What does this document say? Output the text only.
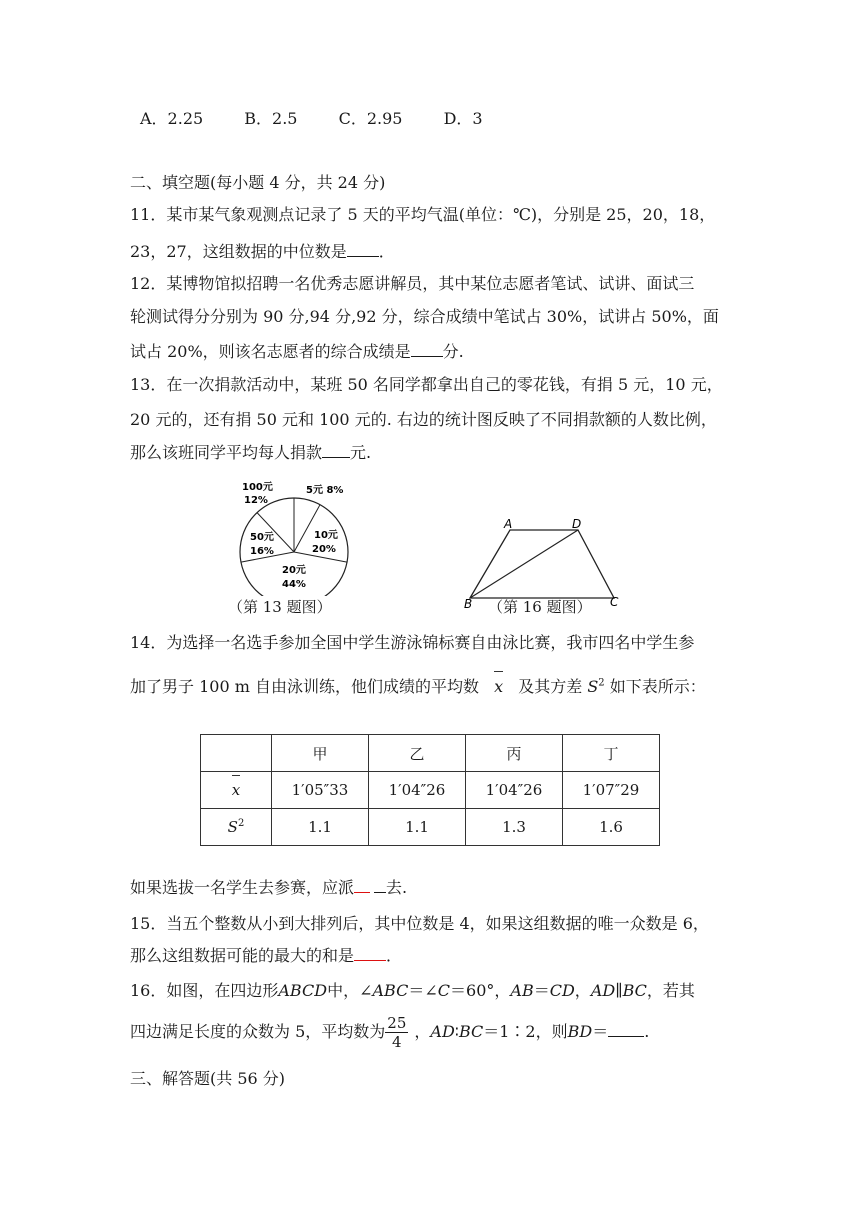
A．2.25	B．2.5	C．2.95	D．3
二、填空题(每小题 4 分，共 24 分)
11．某市某气象观测点记录了 5 天的平均气温(单位：℃)，分别是 25，20，18，
23，27，这组数据的中位数是 ．
12．某博物馆拟招聘一名优秀志愿讲解员，其中某位志愿者笔试、试讲、面试三
轮测试得分分别为 90 分,94 分,92 分，综合成绩中笔试占 30%，试讲占 50%，面
试占 20%，则该名志愿者的综合成绩是 分.
13．在一次捐款活动中，某班 50 名同学都拿出自己的零花钱，有捐 5 元，10 元，
20 元的，还有捐 50 元和 100 元的. 右边的统计图反映了不同捐款额的人数比例，
那么该班同学平均每人捐款 元.
100元
12%
5元 8%
10元
20%
50元
16%
20元
44%
（第 13 题图）
A	D
B	C
（第 16 题图）
14．为选择一名选手参加全国中学生游泳锦标赛自由泳比赛，我市四名中学生参
加了男子 100 m 自由泳训练，他们成绩的平均数 x 及其方差 $S^2$ 如下表所示：
	甲	乙	丙	丁
x	1′05″33	1′04″26	1′04″26	1′07″29
$S^2$	1.1	1.1	1.3	1.6
如果选拔一名学生去参赛，应派 去.
15．当五个整数从小到大排列后，其中位数是 4，如果这组数据的唯一众数是 6，
那么这组数据可能的最大的和是 ．
16．如图，在四边形ABCD中，∠ABC＝∠C＝60°，AB＝CD，AD∥BC，若其
四边满足长度的众数为 5，平均数为 $\frac{25}{4}$ ，AD∶BC＝1∶2，则BD＝ .
三、解答题(共 56 分)
